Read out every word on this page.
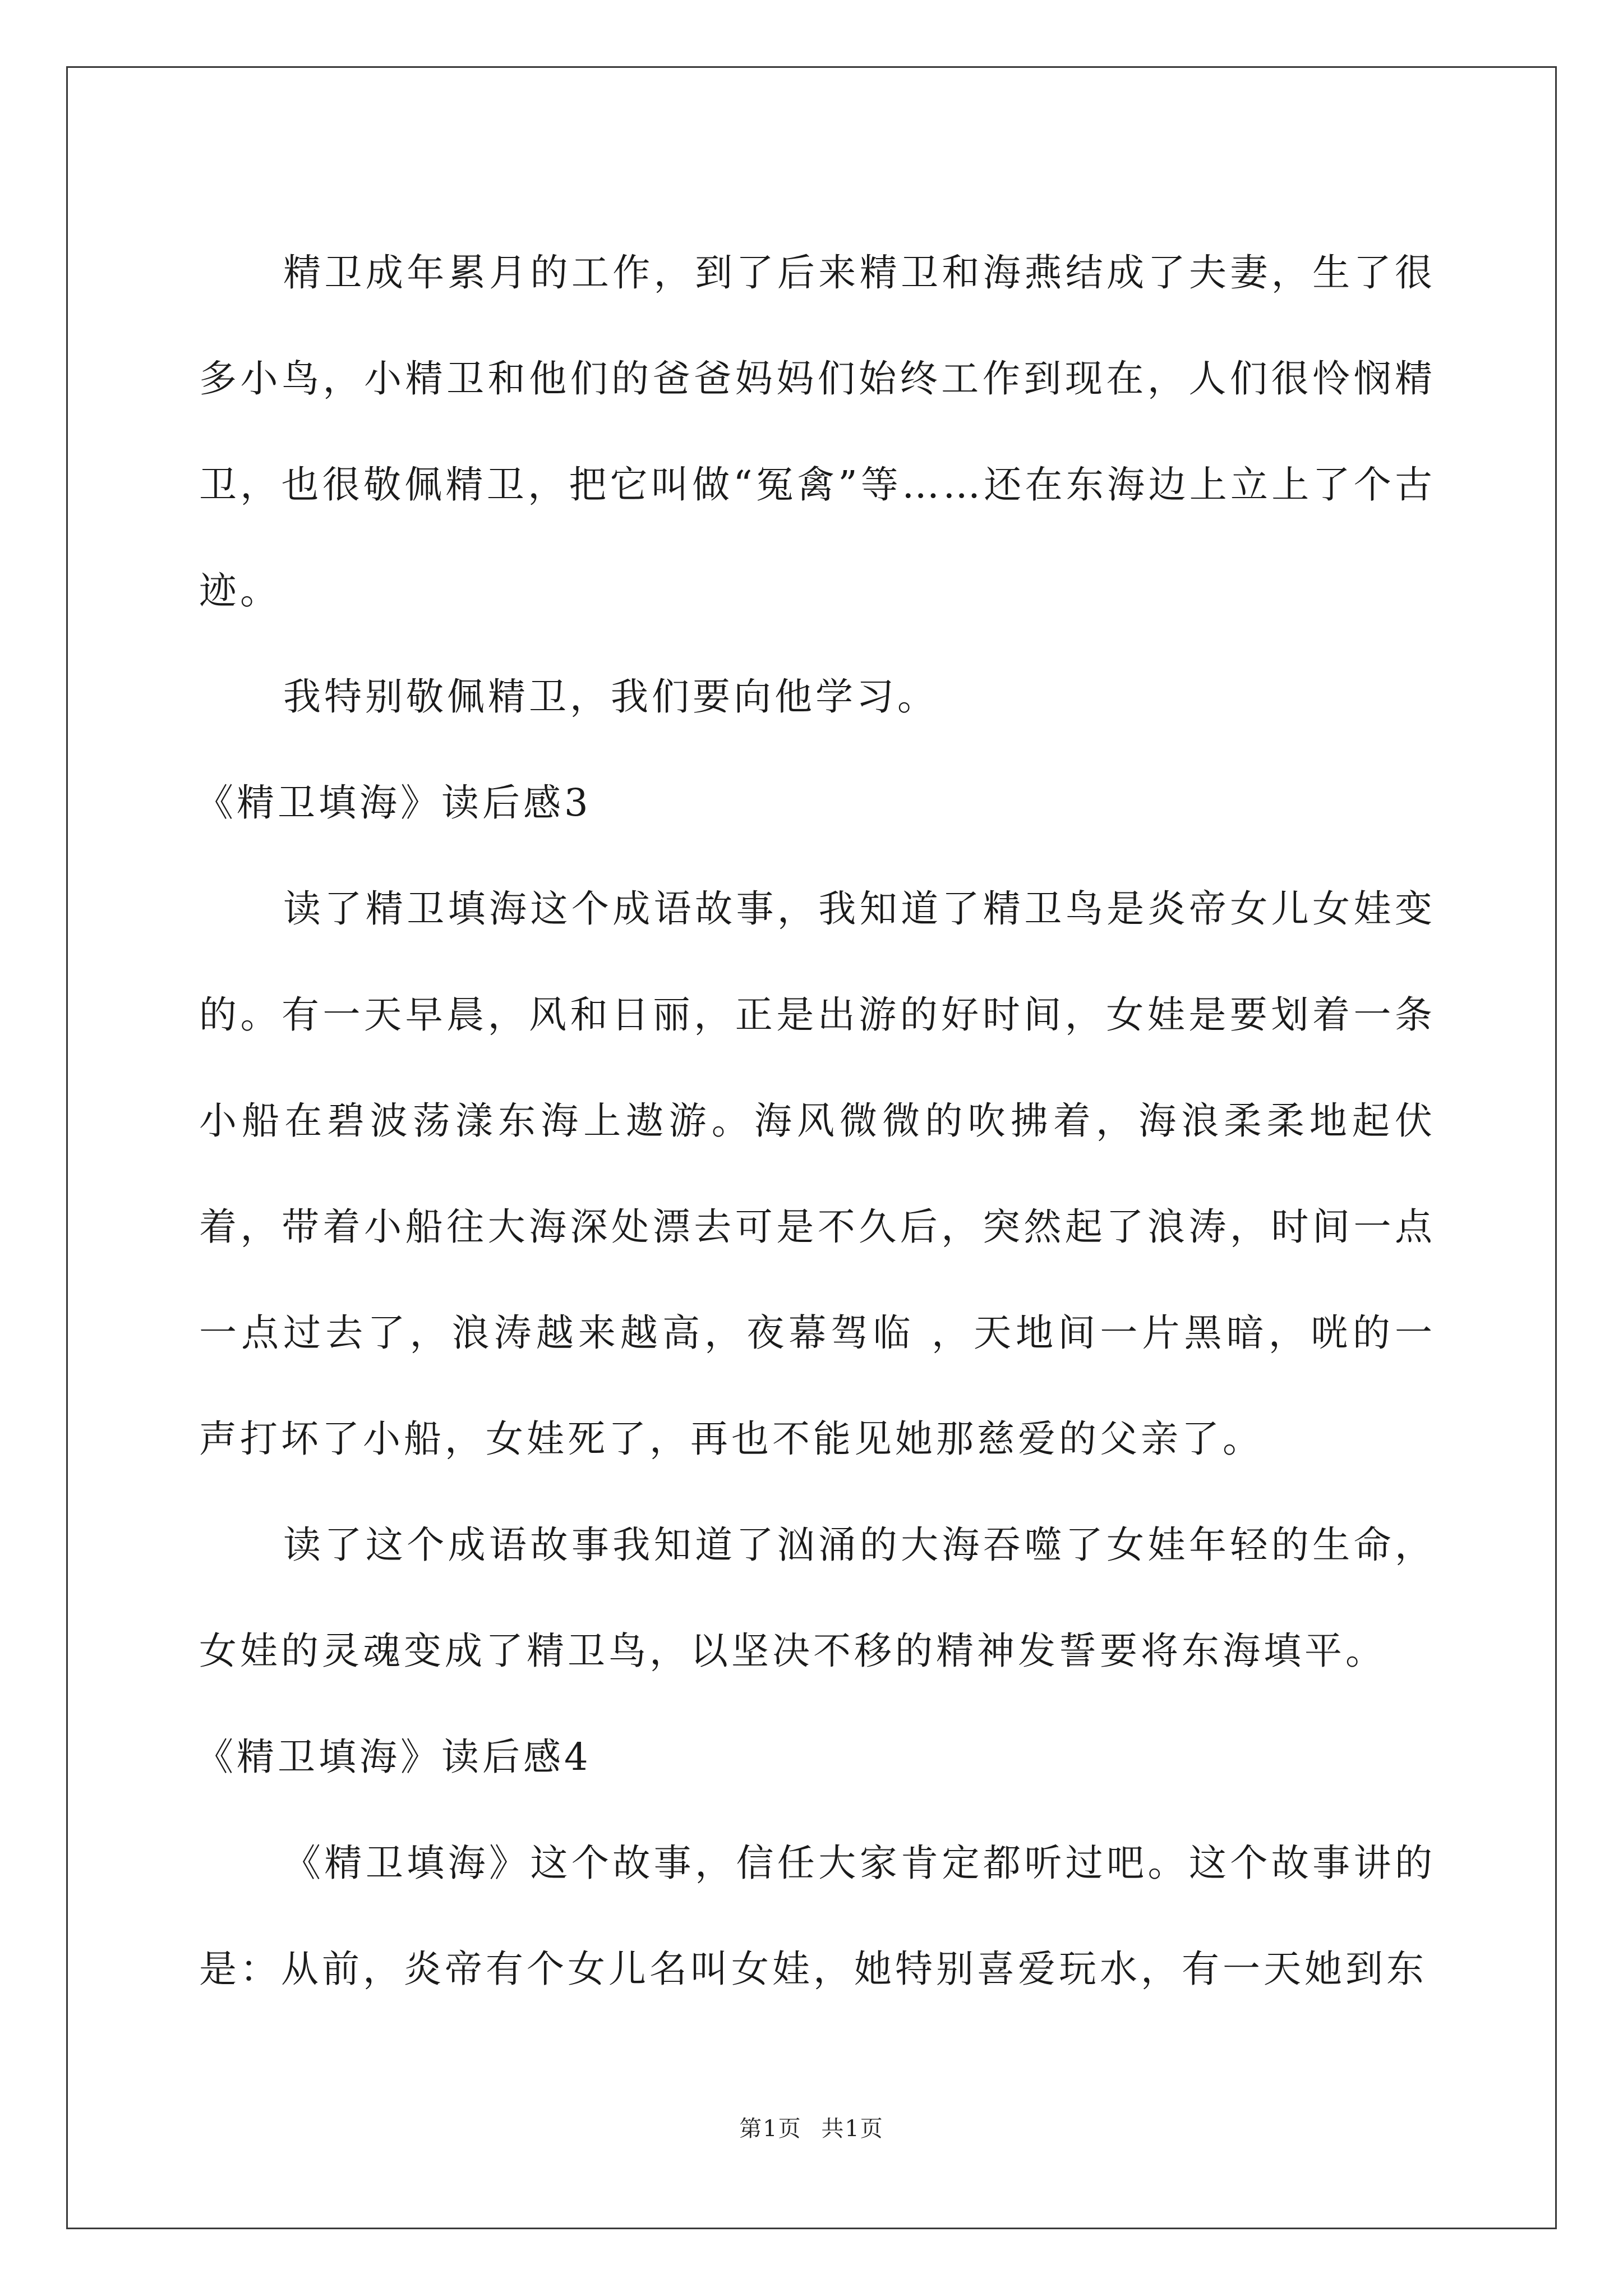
精卫成年累月的工作，到了后来精卫和海燕结成了夫妻，生了很多小鸟，小精卫和他们的爸爸妈妈们始终工作到现在，人们很怜悯精卫，也很敬佩精卫，把它叫做“冤禽”等……还在东海边上立上了个古迹。

我特别敬佩精卫，我们要向他学习。

《精卫填海》读后感3

读了精卫填海这个成语故事，我知道了精卫鸟是炎帝女儿女娃变的。有一天早晨，风和日丽，正是出游的好时间，女娃是要划着一条小船在碧波荡漾东海上遨游。海风微微的吹拂着，海浪柔柔地起伏着，带着小船往大海深处漂去可是不久后，突然起了浪涛，时间一点一点过去了，浪涛越来越高，夜幕驾临 ，天地间一片黑暗，咣的一声打坏了小船，女娃死了，再也不能见她那慈爱的父亲了。

读了这个成语故事我知道了汹涌的大海吞噬了女娃年轻的生命，女娃的灵魂变成了精卫鸟，以坚决不移的精神发誓要将东海填平。

《精卫填海》读后感4

《精卫填海》这个故事，信任大家肯定都听过吧。这个故事讲的是：从前，炎帝有个女儿名叫女娃，她特别喜爱玩水，有一天她到东

第1页 共1页
